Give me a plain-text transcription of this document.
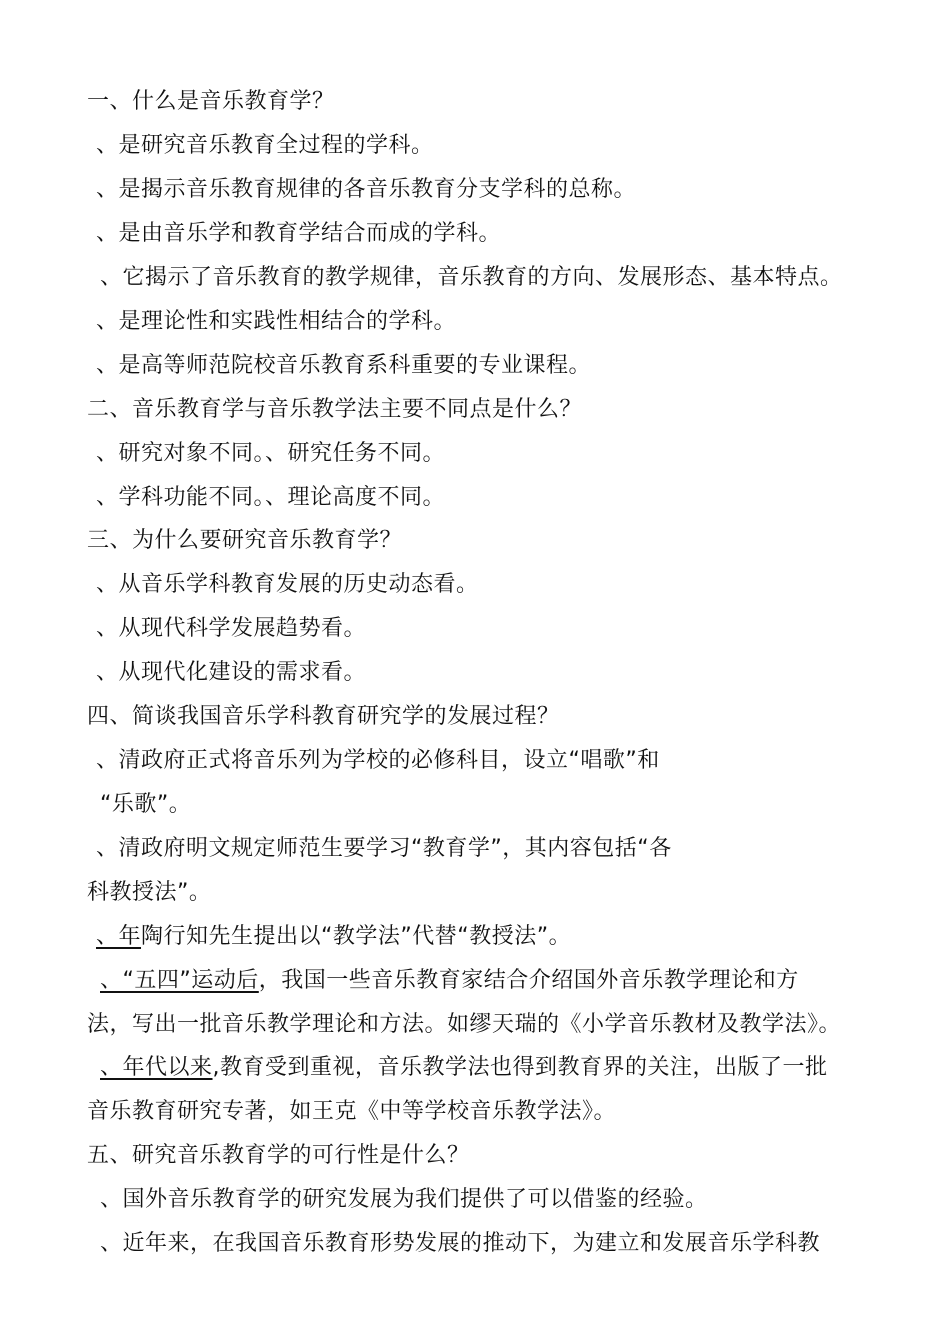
一、什么是音乐教育学？
、是研究音乐教育全过程的学科。
、是揭示音乐教育规律的各音乐教育分支学科的总称。
、是由音乐学和教育学结合而成的学科。
、它揭示了音乐教育的教学规律，音乐教育的方向、发展形态、基本特点。
、是理论性和实践性相结合的学科。
、是高等师范院校音乐教育系科重要的专业课程。
二、音乐教育学与音乐教学法主要不同点是什么？
、研究对象不同。、研究任务不同。
、学科功能不同。、理论高度不同。
三、为什么要研究音乐教育学？
、从音乐学科教育发展的历史动态看。
、从现代科学发展趋势看。
、从现代化建设的需求看。
四、简谈我国音乐学科教育研究学的发展过程？
、清政府正式将音乐列为学校的必修科目，设立“唱歌”和
“乐歌”。
、清政府明文规定师范生要学习“教育学”，其内容包括“各
科教授法”。
、年陶行知先生提出以“教学法”代替“教授法”。
、“五四”运动后，我国一些音乐教育家结合介绍国外音乐教学理论和方
法，写出一批音乐教学理论和方法。如缪天瑞的《小学音乐教材及教学法》。
、年代以来,教育受到重视，音乐教学法也得到教育界的关注，出版了一批
音乐教育研究专著，如王克《中等学校音乐教学法》。
五、研究音乐教育学的可行性是什么？
、国外音乐教育学的研究发展为我们提供了可以借鉴的经验。
、近年来，在我国音乐教育形势发展的推动下，为建立和发展音乐学科教
